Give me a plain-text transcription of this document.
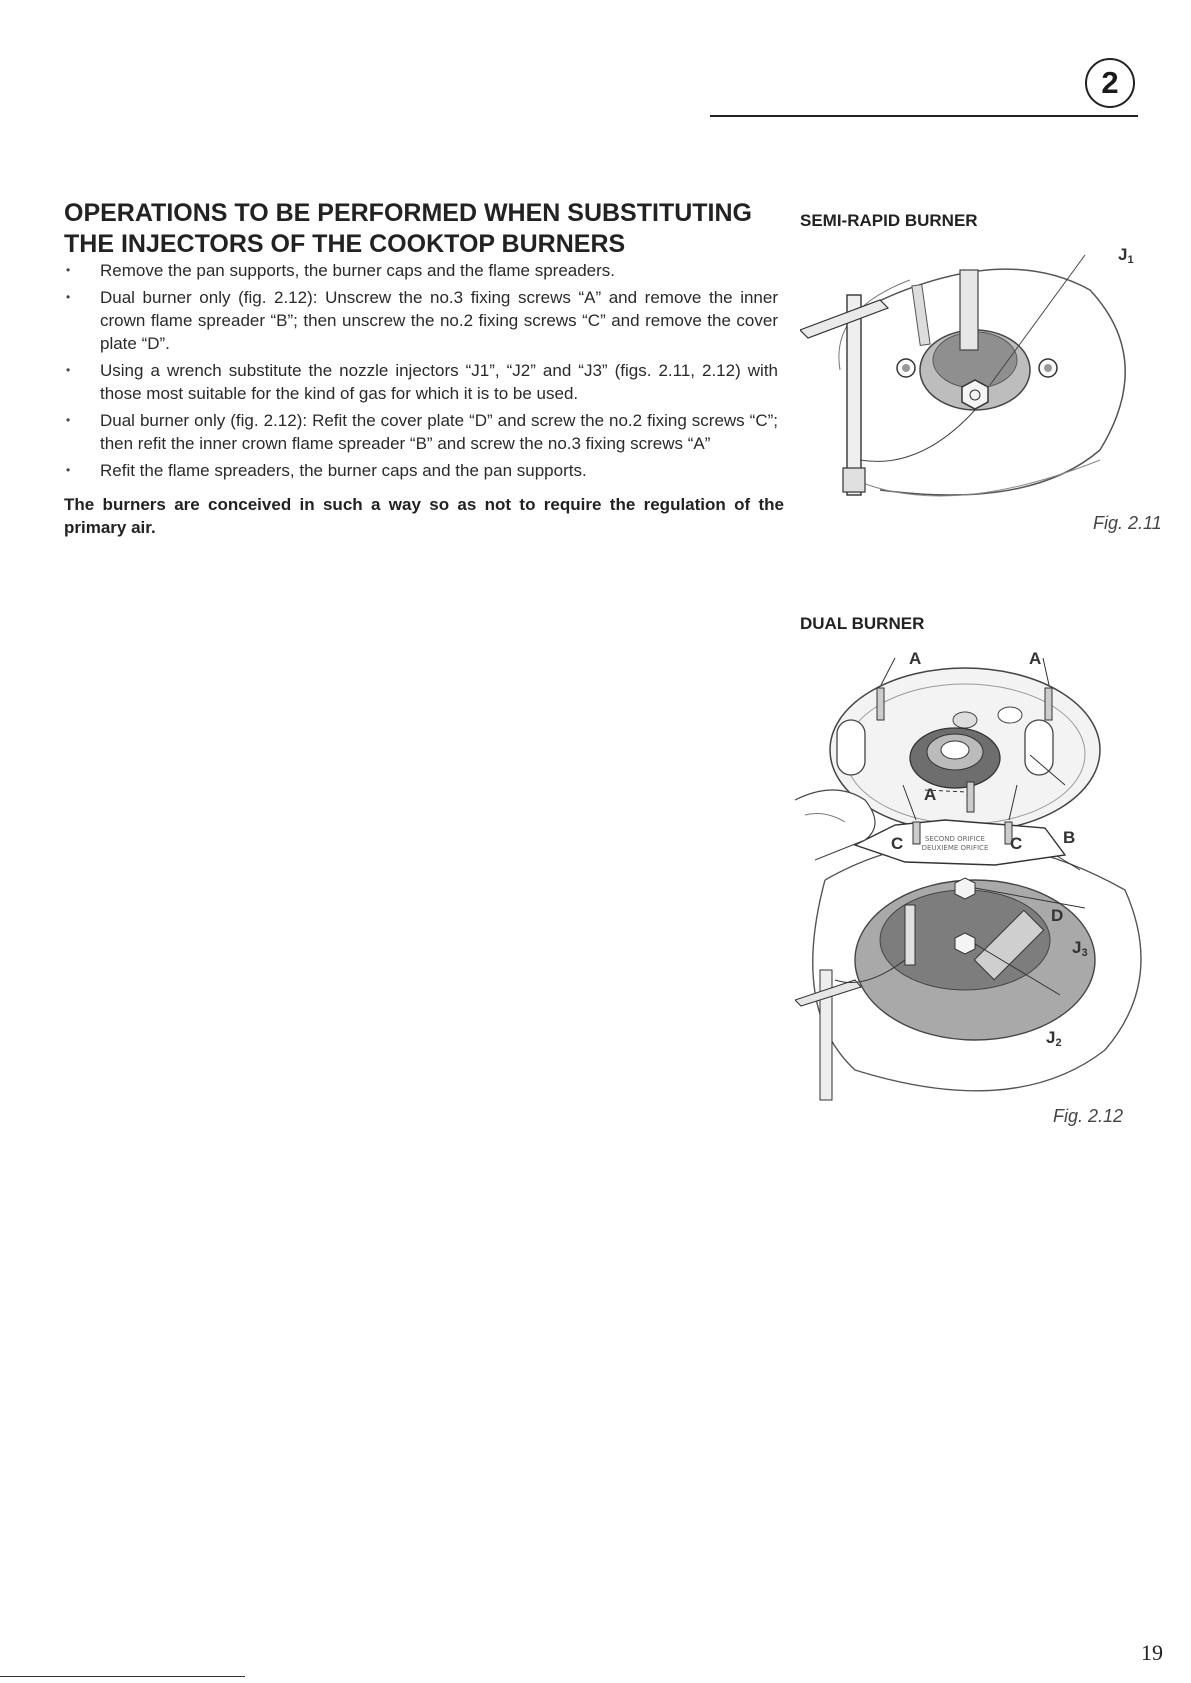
2
OPERATIONS TO BE PERFORMED WHEN SUBSTITUTING THE INJECTORS OF THE COOKTOP BURNERS
• Remove the pan supports, the burner caps and the flame spreaders.
• Dual burner only (fig. 2.12): Unscrew the no.3 fixing screws “A” and remove the inner crown flame spreader “B”; then unscrew the no.2 fixing screws “C” and remove the cover plate “D”.
• Using a wrench substitute the nozzle injectors “J1”, “J2” and “J3” (figs. 2.11, 2.12) with those most suitable for the kind of gas for which it is to be used.
• Dual burner only (fig. 2.12): Refit the cover plate “D” and screw the no.2 fixing screws “C”; then refit the inner crown flame spreader “B” and screw the no.3 fixing screws “A”
• Refit the flame spreaders, the burner caps and the pan supports.

The burners are conceived in such a way so as not to require the regulation of the primary air.

SEMI-RAPID BURNER
$J_1$
Fig. 2.11
DUAL BURNER
SECOND ORIFICE
DEUXIEME ORIFICE
A	A
A
B
C	C
D
$J_3$
$J_2$
Fig. 2.12
19
